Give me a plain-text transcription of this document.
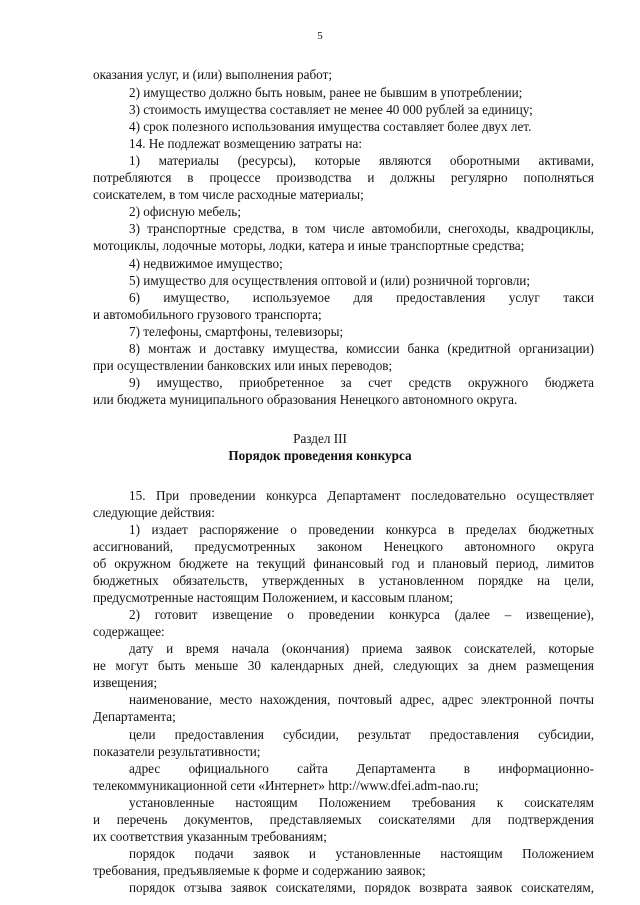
5
оказания услуг, и (или) выполнения работ;
2) имущество должно быть новым, ранее не бывшим в употреблении;
3) стоимость имущества составляет не менее 40 000 рублей за единицу;
4) срок полезного использования имущества составляет более двух лет.
14. Не подлежат возмещению затраты на:
1) материалы (ресурсы), которые являются оборотными активами,
потребляются в процессе производства и должны регулярно пополняться
соискателем, в том числе расходные материалы;
2) офисную мебель;
3) транспортные средства, в том числе автомобили, снегоходы, квадроциклы,
мотоциклы, лодочные моторы, лодки, катера и иные транспортные средства;
4) недвижимое имущество;
5) имущество для осуществления оптовой и (или) розничной торговли;
6) имущество, используемое для предоставления услуг такси
и автомобильного грузового транспорта;
7) телефоны, смартфоны, телевизоры;
8) монтаж и доставку имущества, комиссии банка (кредитной организации)
при осуществлении банковских или иных переводов;
9) имущество, приобретенное за счет средств окружного бюджета
или бюджета муниципального образования Ненецкого автономного округа.
Раздел III
Порядок проведения конкурса
15. При проведении конкурса Департамент последовательно осуществляет
следующие действия:
1) издает распоряжение о проведении конкурса в пределах бюджетных
ассигнований, предусмотренных законом Ненецкого автономного округа
об окружном бюджете на текущий финансовый год и плановый период, лимитов
бюджетных обязательств, утвержденных в установленном порядке на цели,
предусмотренные настоящим Положением, и кассовым планом;
2) готовит извещение о проведении конкурса (далее – извещение),
содержащее:
дату и время начала (окончания) приема заявок соискателей, которые
не могут быть меньше 30 календарных дней, следующих за днем размещения
извещения;
наименование, место нахождения, почтовый адрес, адрес электронной почты
Департамента;
цели предоставления субсидии, результат предоставления субсидии,
показатели результативности;
адрес официального сайта Департамента в информационно-
телекоммуникационной сети «Интернет» http://www.dfei.adm-nao.ru;
установленные настоящим Положением требования к соискателям
и перечень документов, представляемых соискателями для подтверждения
их соответствия указанным требованиям;
порядок подачи заявок и установленные настоящим Положением
требования, предъявляемые к форме и содержанию заявок;
порядок отзыва заявок соискателями, порядок возврата заявок соискателям,
